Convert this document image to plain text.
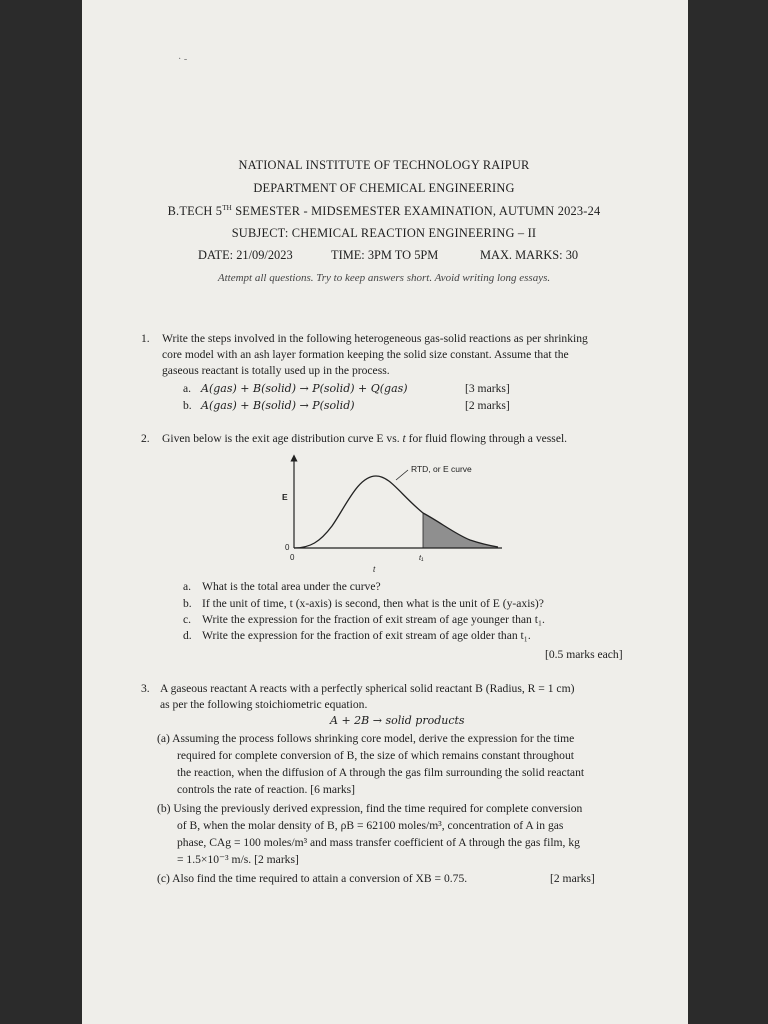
· -
NATIONAL INSTITUTE OF TECHNOLOGY RAIPUR
DEPARTMENT OF CHEMICAL ENGINEERING
B.TECH 5TH SEMESTER - MIDSEMESTER EXAMINATION, AUTUMN 2023-24
SUBJECT: CHEMICAL REACTION ENGINEERING – II
DATE: 21/09/2023	TIME: 3PM TO 5PM	MAX. MARKS: 30
Attempt all questions. Try to keep answers short. Avoid writing long essays.
1. Write the steps involved in the following heterogeneous gas-solid reactions as per shrinking
core model with an ash layer formation keeping the solid size constant. Assume that the
gaseous reactant is totally used up in the process.
a. A(gas) + B(solid) → P(solid) + Q(gas)	[3 marks]
b. A(gas) + B(solid) → P(solid)	[2 marks]
2. Given below is the exit age distribution curve E vs. t for fluid flowing through a vessel.
RTD, or E curve
E
0
0	t₁
t
a. What is the total area under the curve?
b. If the unit of time, t (x-axis) is second, then what is the unit of E (y-axis)?
c. Write the expression for the fraction of exit stream of age younger than t₁.
d. Write the expression for the fraction of exit stream of age older than t₁.
[0.5 marks each]
3. A gaseous reactant A reacts with a perfectly spherical solid reactant B (Radius, R = 1 cm)
as per the following stoichiometric equation.
A + 2B → solid products
(a) Assuming the process follows shrinking core model, derive the expression for the time
required for complete conversion of B, the size of which remains constant throughout
the reaction, when the diffusion of A through the gas film surrounding the solid reactant
controls the rate of reaction. [6 marks]
(b) Using the previously derived expression, find the time required for complete conversion
of B, when the molar density of B, ρB = 62100 moles/m³, concentration of A in gas
phase, CAg = 100 moles/m³ and mass transfer coefficient of A through the gas film, kg
= 1.5×10⁻³ m/s. [2 marks]
(c) Also find the time required to attain a conversion of XB = 0.75.	[2 marks]
